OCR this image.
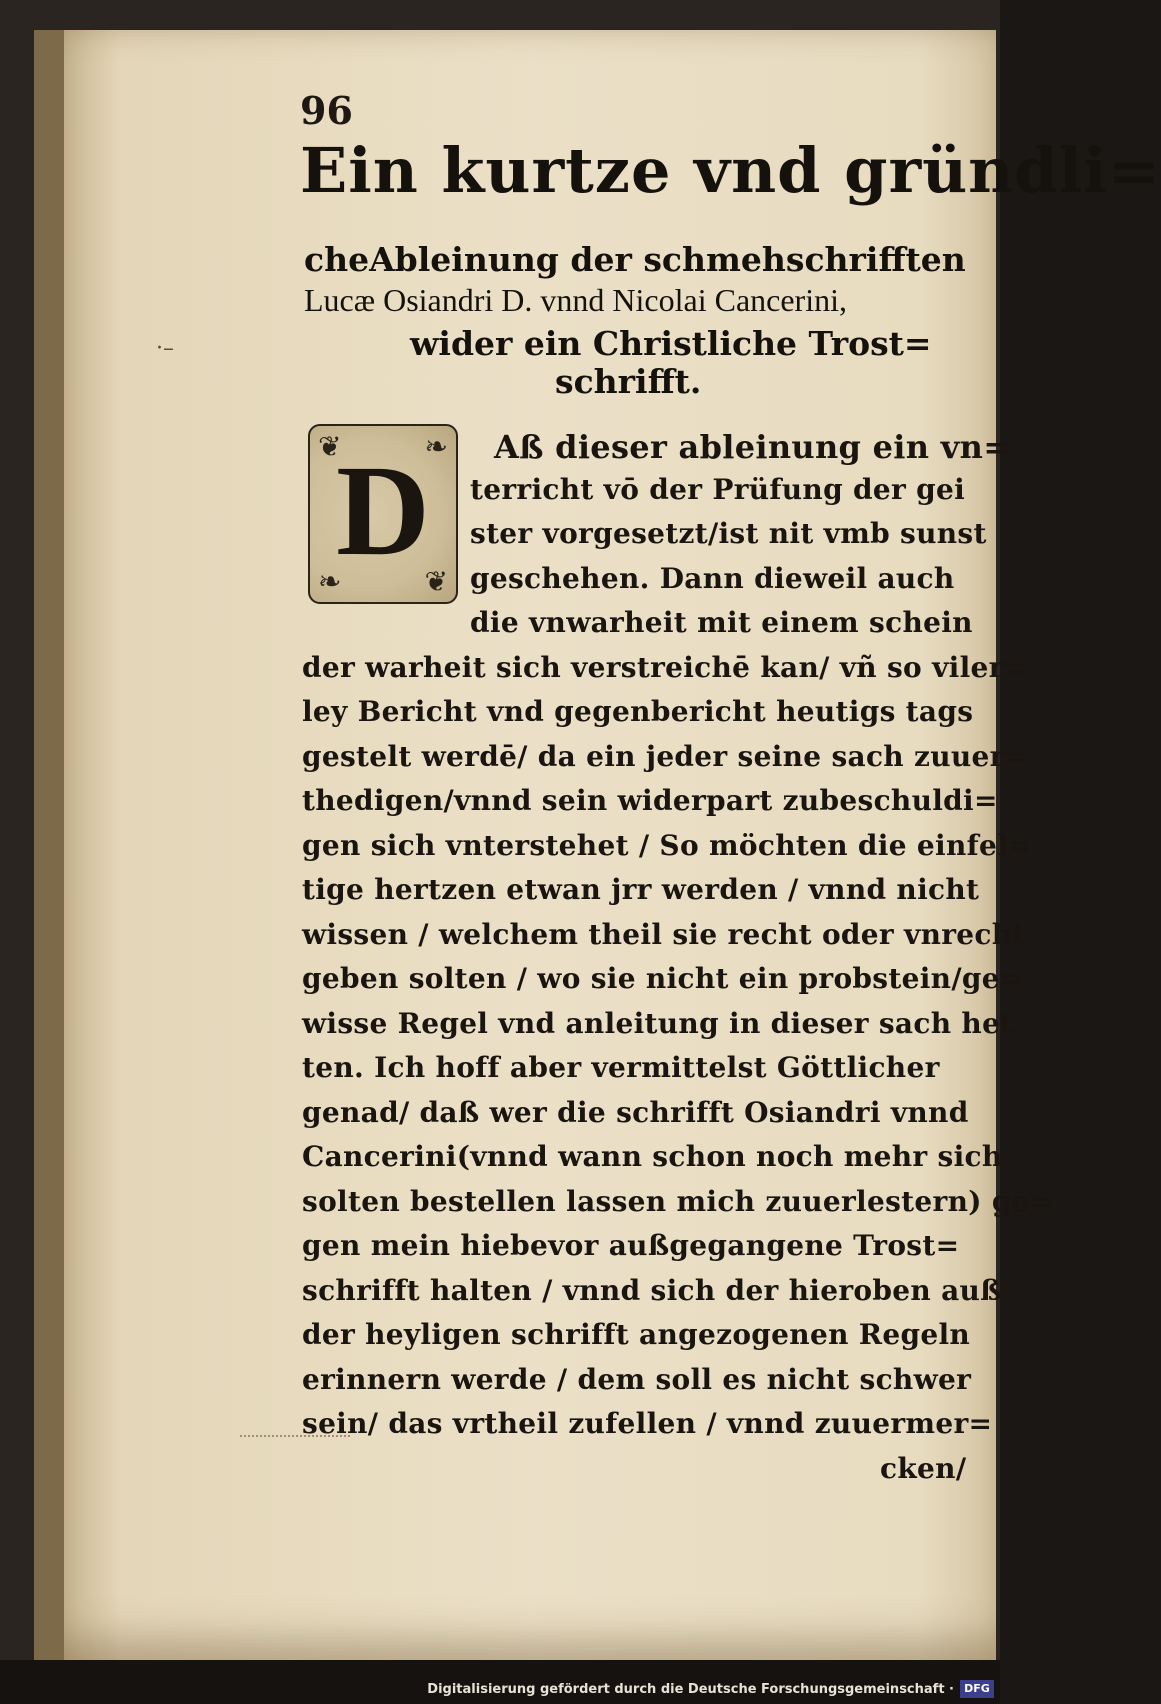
·–
96
Ein kurtze vnd gründli=
cheAbleinung der schmehschrifften
Lucæ Osiandri D. vnnd Nicolai Cancerini,
wider ein Christliche Trost=
schrifft.
❦	❧
❧	❦
D	Aß dieser ableinung ein vn=
terricht vō der Prüfung der gei
ster vorgesetzt/ist nit vmb sunst
geschehen. Dann dieweil auch
die vnwarheit mit einem schein
der warheit sich verstreichē kan/ vñ so viler=
ley Bericht vnd gegenbericht heutigs tags
gestelt werdē/ da ein jeder seine sach zuuer=
thedigen/vnnd sein widerpart zubeschuldi=
gen sich vnterstehet / So möchten die einfel=
tige hertzen etwan jrr werden / vnnd nicht
wissen / welchem theil sie recht oder vnrecht
geben solten / wo sie nicht ein probstein/ge=
wisse Regel vnd anleitung in dieser sach het
ten. Ich hoff aber vermittelst Göttlicher
genad/ daß wer die schrifft Osiandri vnnd
Cancerini(vnnd wann schon noch mehr sich
solten bestellen lassen mich zuuerlestern) ge=
gen mein hiebevor außgegangene Trost=
schrifft halten / vnnd sich der hieroben auß
der heyligen schrifft angezogenen Regeln
erinnern werde / dem soll es nicht schwer
sein/ das vrtheil zufellen / vnnd zuuermer=
cken/
Digitalisierung gefördert durch die Deutsche Forschungsgemeinschaft · DFG
